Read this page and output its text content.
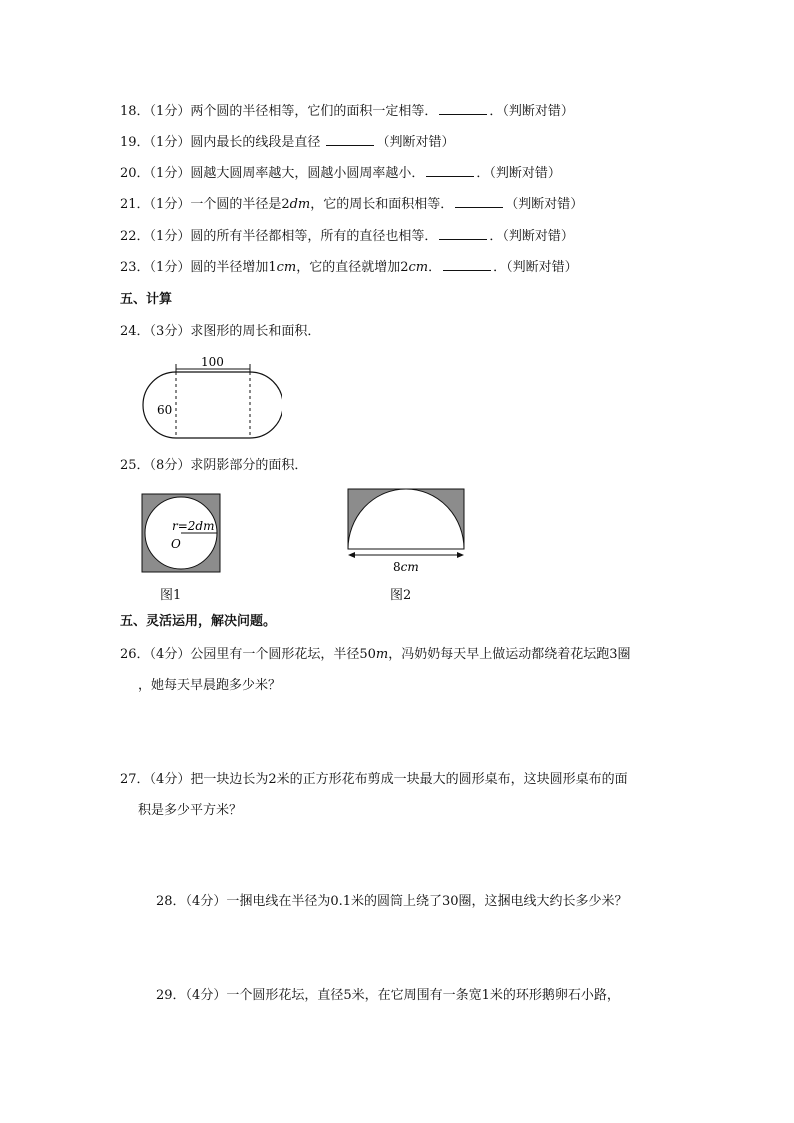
18．（1分）两个圆的半径相等，它们的面积一定相等．	．（判断对错）
19．（1分）圆内最长的线段是直径	（判断对错）
20．（1分）圆越大圆周率越大，圆越小圆周率越小．	．（判断对错）
21．（1分）一个圆的半径是2dm，它的周长和面积相等．	（判断对错）
22．（1分）圆的所有半径都相等，所有的直径也相等．	．（判断对错）
23．（1分）圆的半径增加1cm，它的直径就增加2cm．	．（判断对错）
五、计算
24．（3分）求图形的周长和面积．
100
60
25．（8分）求阴影部分的面积．
r=2dm
O
图1
8cm
图2
五、灵活运用，解决问题。
26．（4分）公园里有一个圆形花坛，半径50m，冯奶奶每天早上做运动都绕着花坛跑3圈
，她每天早晨跑多少米？
27．（4分）把一块边长为2米的正方形花布剪成一块最大的圆形桌布，这块圆形桌布的面
积是多少平方米？
28．（4分）一捆电线在半径为0.1米的圆筒上绕了30圈，这捆电线大约长多少米？
29．（4分）一个圆形花坛，直径5米，在它周围有一条宽1米的环形鹅卵石小路，
